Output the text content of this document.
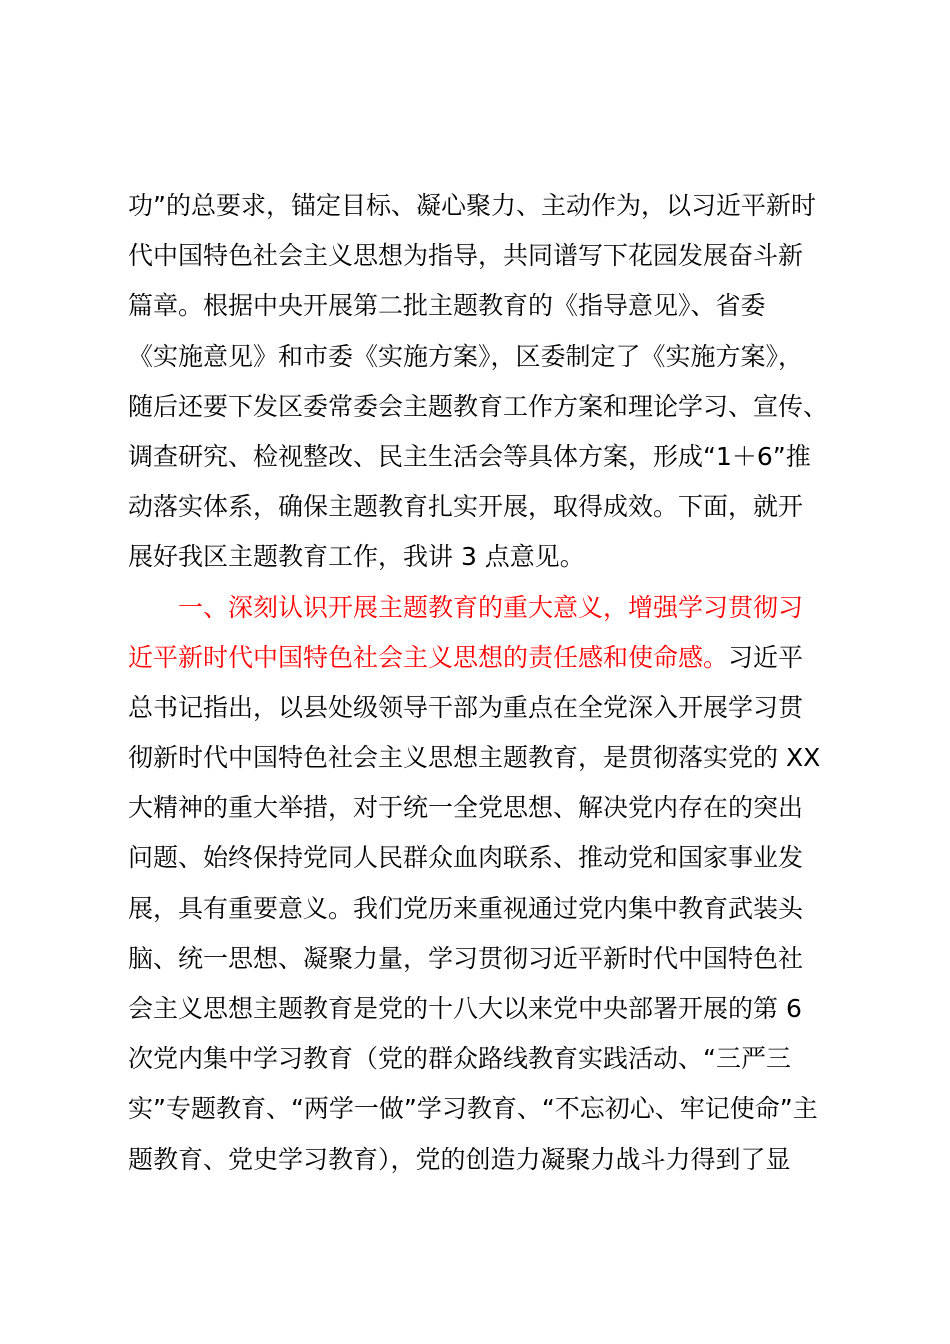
功”的总要求，锚定目标、凝心聚力、主动作为，以习近平新时
代中国特色社会主义思想为指导，共同谱写下花园发展奋斗新
篇章。根据中央开展第二批主题教育的《指导意见》、省委
《实施意见》和市委《实施方案》，区委制定了《实施方案》，
随后还要下发区委常委会主题教育工作方案和理论学习、宣传、
调查研究、检视整改、民主生活会等具体方案，形成“1＋6”推
动落实体系，确保主题教育扎实开展，取得成效。下面，就开
展好我区主题教育工作，我讲 3 点意见。
一、深刻认识开展主题教育的重大意义，增强学习贯彻习
近平新时代中国特色社会主义思想的责任感和使命感。习近平
总书记指出，以县处级领导干部为重点在全党深入开展学习贯
彻新时代中国特色社会主义思想主题教育，是贯彻落实党的 XX
大精神的重大举措，对于统一全党思想、解决党内存在的突出
问题、始终保持党同人民群众血肉联系、推动党和国家事业发
展，具有重要意义。我们党历来重视通过党内集中教育武装头
脑、统一思想、凝聚力量，学习贯彻习近平新时代中国特色社
会主义思想主题教育是党的十八大以来党中央部署开展的第 6
次党内集中学习教育（党的群众路线教育实践活动、“三严三
实”专题教育、“两学一做”学习教育、“不忘初心、牢记使命”主
题教育、党史学习教育），党的创造力凝聚力战斗力得到了显
